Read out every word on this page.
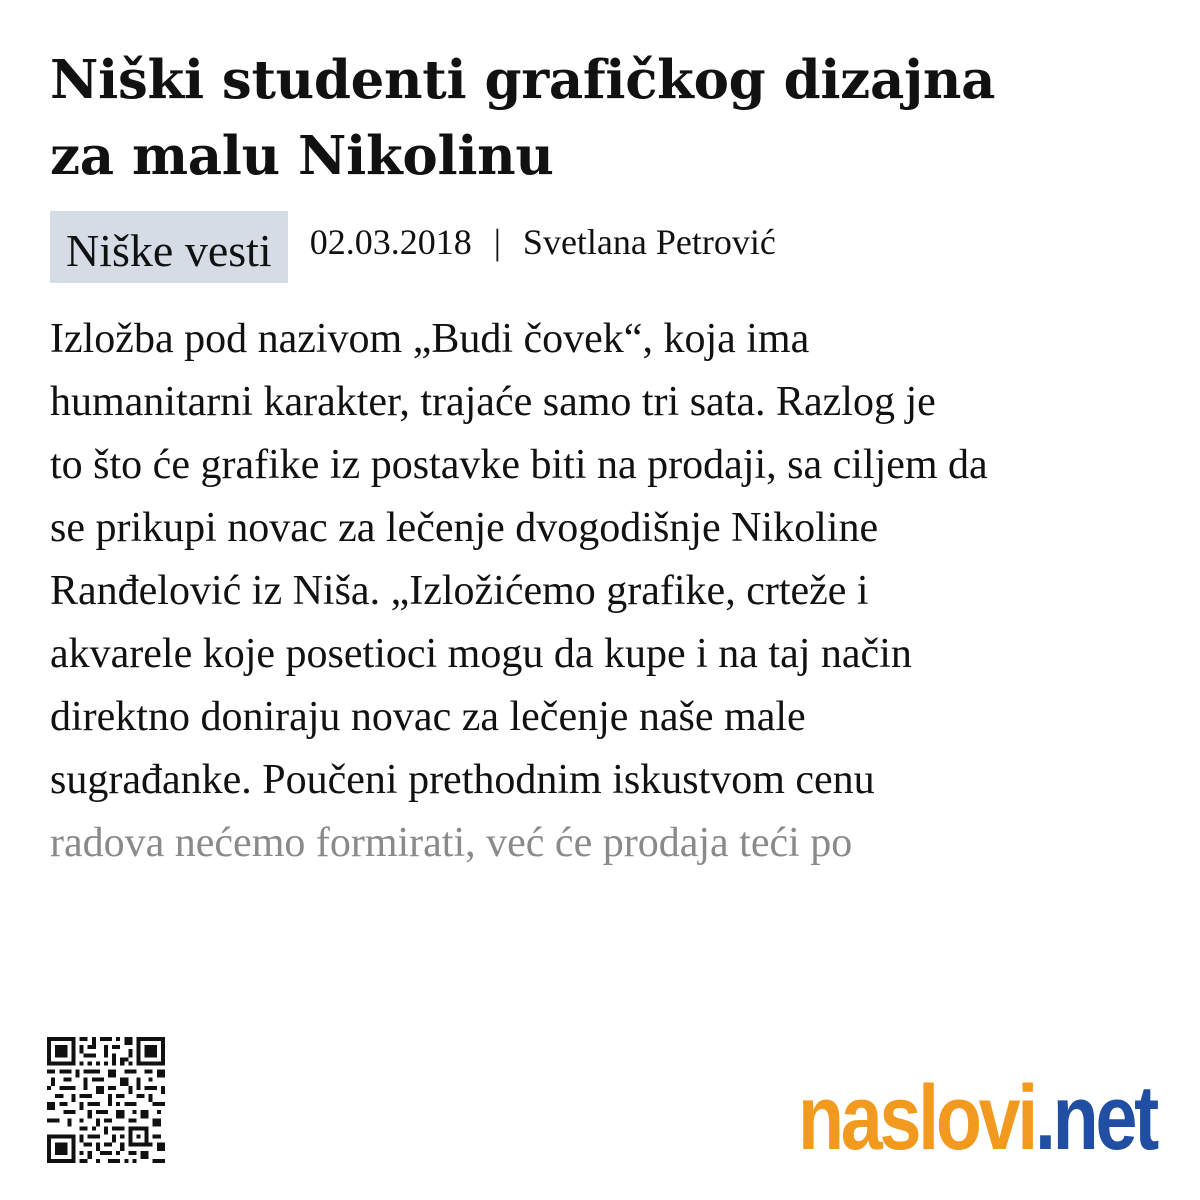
Niški studenti grafičkog dizajna
za malu Nikolinu
Niške vesti	02.03.2018 | Svetlana Petrović
Izložba pod nazivom „Budi čovek“, koja ima
humanitarni karakter, trajaće samo tri sata. Razlog je
to što će grafike iz postavke biti na prodaji, sa ciljem da
se prikupi novac za lečenje dvogodišnje Nikoline
Ranđelović iz Niša. „Izložićemo grafike, crteže i
akvarele koje posetioci mogu da kupe i na taj način
direktno doniraju novac za lečenje naše male
sugrađanke. Poučeni prethodnim iskustvom cenu
radova nećemo formirati, već će prodaja teći po
naslovi.net
